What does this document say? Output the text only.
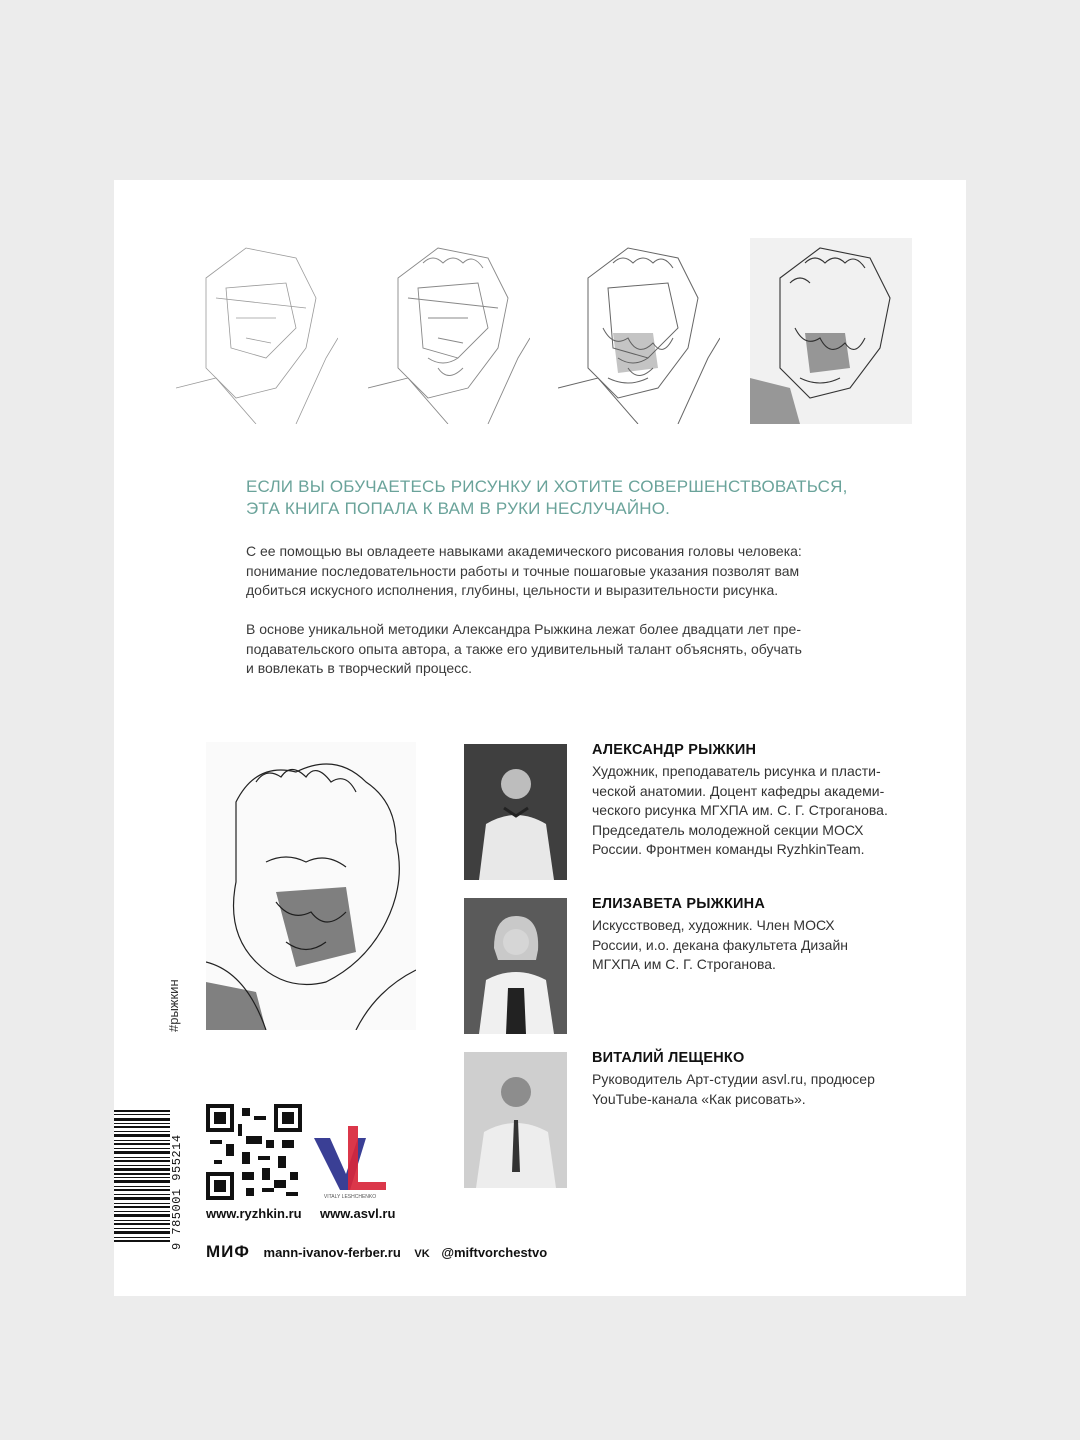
ЕСЛИ ВЫ ОБУЧАЕТЕСЬ РИСУНКУ И ХОТИТЕ СОВЕРШЕНСТВОВАТЬСЯ,
ЭТА КНИГА ПОПАЛА К ВАМ В РУКИ НЕСЛУЧАЙНО.
С ее помощью вы овладеете навыками академического рисования головы человека:
понимание последовательности работы и точные пошаговые указания позволят вам
добиться искусного исполнения, глубины, цельности и выразительности рисунка.
В основе уникальной методики Александра Рыжкина лежат более двадцати лет пре-
подавательского опыта автора, а также его удивительный талант объяснять, обучать
и вовлекать в творческий процесс.
АЛЕКСАНДР РЫЖКИН
Художник, преподаватель рисунка и пласти-
ческой анатомии. Доцент кафедры академи-
ческого рисунка МГХПА им. С. Г. Строганова.
Председатель молодежной секции МОСХ
России. Фронтмен команды RyzhkinTeam.
ЕЛИЗАВЕТА РЫЖКИНА
Искусствовед, художник. Член МОСХ
России, и.о. декана факультета Дизайн
МГХПА им С. Г. Строганова.
ВИТАЛИЙ ЛЕЩЕНКО
Руководитель Арт-студии asvl.ru, продюсер
YouTube-канала «Как рисовать».
#рыжкин
9 785001 955214	VITALY LESHCHENKO
www.ryzhkin.ru www.asvl.ru
МИФ mann-ivanov-ferber.ru VK @miftvorchestvo
